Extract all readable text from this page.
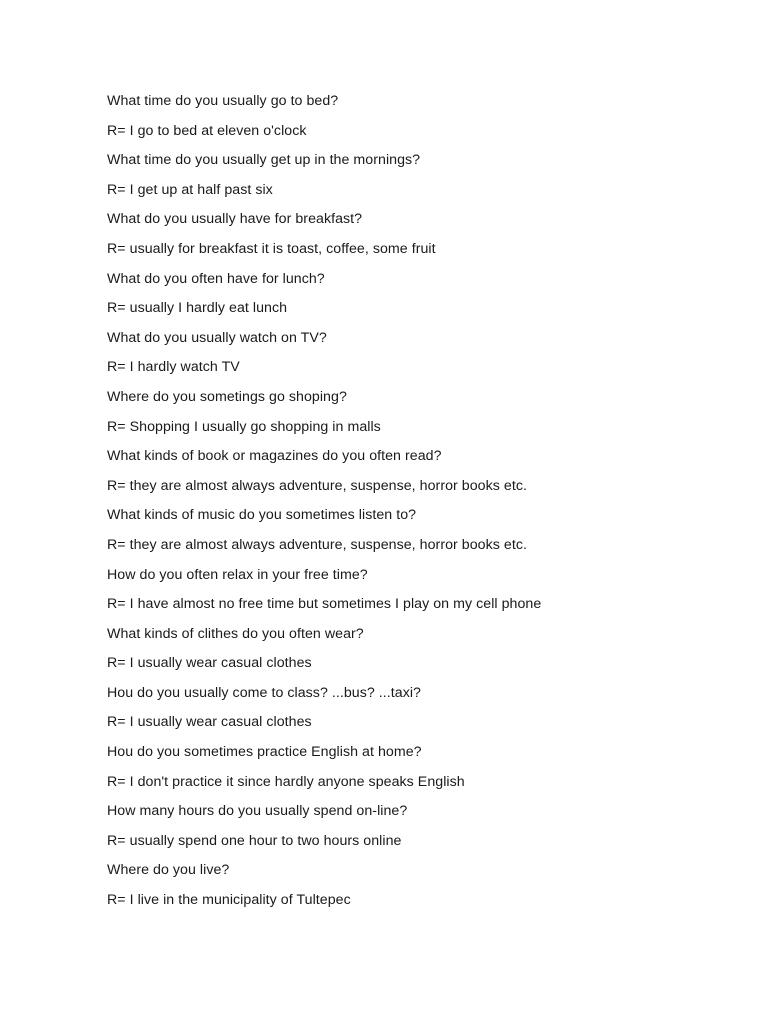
What time do you usually go to bed?
R= I go to bed at eleven o'clock
What time do you usually get up in the mornings?
R= I get up at half past six
What do you usually have for breakfast?
R= usually for breakfast it is toast, coffee, some fruit
What do you often have for lunch?
R= usually I hardly eat lunch
What do you usually watch on TV?
R= I hardly watch TV
Where do you sometings go shoping?
R= Shopping I usually go shopping in malls
What kinds of book or magazines do you often read?
R= they are almost always adventure, suspense, horror books etc.
What kinds of music do you sometimes listen to?
R= they are almost always adventure, suspense, horror books etc.
How do you often relax in your free time?
R= I have almost no free time but sometimes I play on my cell phone
What kinds of clithes do you often wear?
R= I usually wear casual clothes
Hou do you usually come to class? ...bus? ...taxi?
R= I usually wear casual clothes
Hou do you sometimes practice English at home?
R= I don't practice it since hardly anyone speaks English
How many hours do you usually spend on-line?
R= usually spend one hour to two hours online
Where do you live?
R= I live in the municipality of Tultepec
